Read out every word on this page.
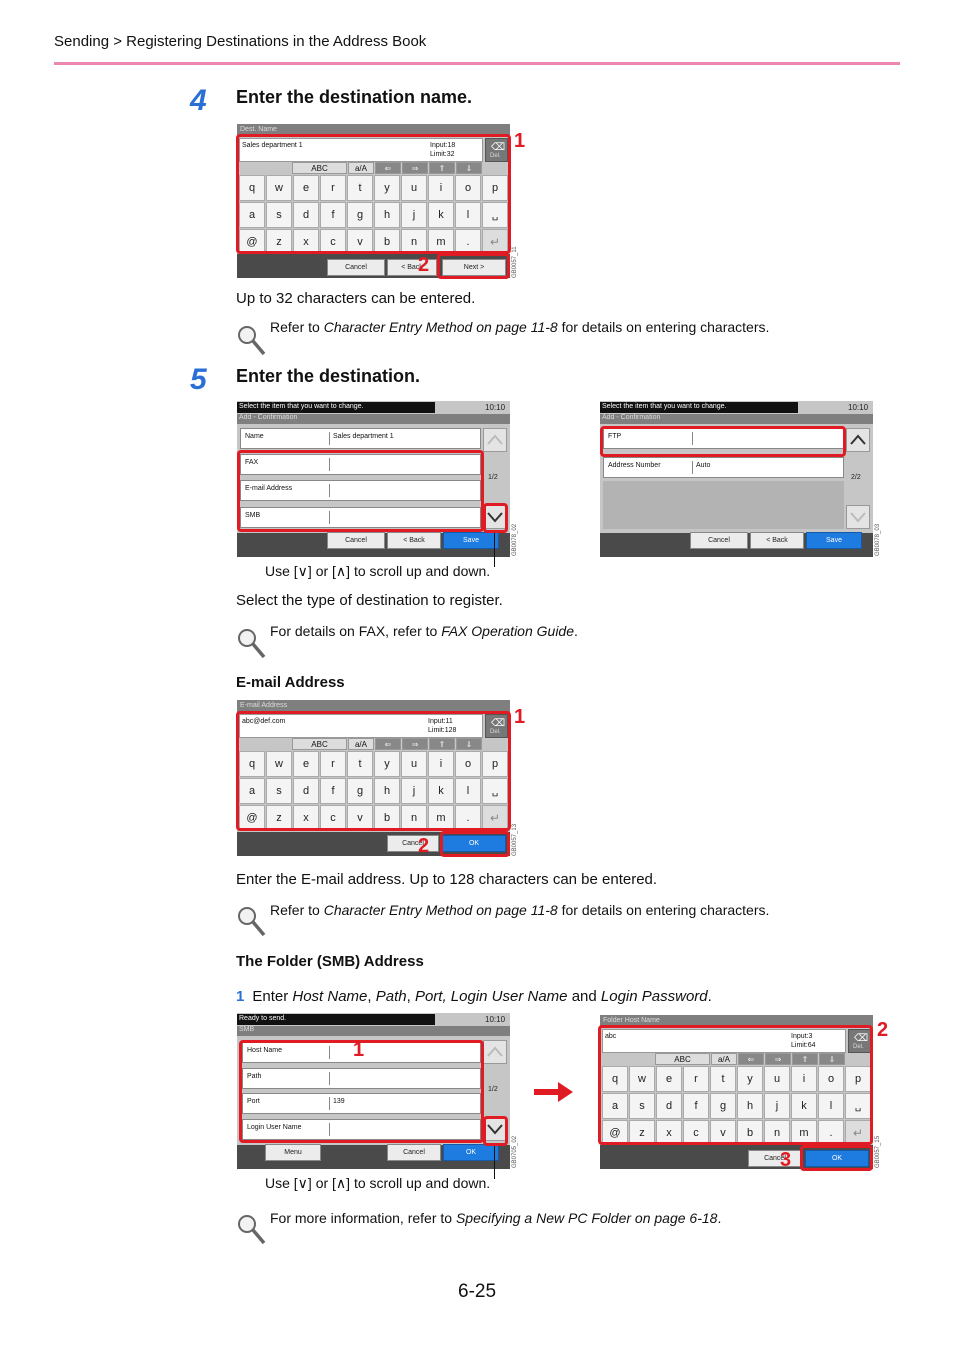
Sending > Registering Destinations in the Address Book
4 Enter the destination name.
Dest. Name
Sales department 1	Input:18
Limit:32
⌫
Del.
ABC	a/A	⇐	⇒	⇑	⇓
q	w	e	r	t	y	u	i	o	p
a	s	d	f	g	h	j	k	l	␣
@	z	x	c	v	b	n	m	.	↵
Cancel	< Back	Next >	GB0057_11
1
2
Up to 32 characters can be entered.
Refer to Character Entry Method on page 11-8 for details on entering characters.
5 Enter the destination.
Select the item that you want to change.	10:10
Add - Confirmation
Name	Sales department 1
FAX
E-mail Address
SMB
1/2
Cancel	< Back	Save	GB0078_02
Select the item that you want to change.	10:10
Add - Confirmation
FTP
Address Number	Auto
2/2
Cancel	< Back	Save	GB0078_03
Use [∨] or [∧] to scroll up and down.
Select the type of destination to register.
For details on FAX, refer to FAX Operation Guide.
E-mail Address
E-mail Address
abc@def.com	Input:11
Limit:128
⌫
Del.
ABC	a/A	⇐	⇒	⇑	⇓
q	w	e	r	t	y	u	i	o	p
a	s	d	f	g	h	j	k	l	␣
@	z	x	c	v	b	n	m	.	↵
Cancel	OK	GB0057_13
1
2
Enter the E-mail address. Up to 128 characters can be entered.
Refer to Character Entry Method on page 11-8 for details on entering characters.
The Folder (SMB) Address
1 Enter Host Name, Path, Port, Login User Name and Login Password.
Ready to send.	10:10
SMB
Host Name
Path
Port	139
Login User Name
1/2
Menu	Cancel	OK	GB0705_02
1
Folder Host Name
abc	Input:3
Limit:64
⌫
Del.
ABC	a/A	⇐	⇒	⇑	⇓
q	w	e	r	t	y	u	i	o	p
a	s	d	f	g	h	j	k	l	␣
@	z	x	c	v	b	n	m	.	↵
Cancel	OK	GB0057_15
2
3
Use [∨] or [∧] to scroll up and down.
For more information, refer to Specifying a New PC Folder on page 6-18.
6-25
